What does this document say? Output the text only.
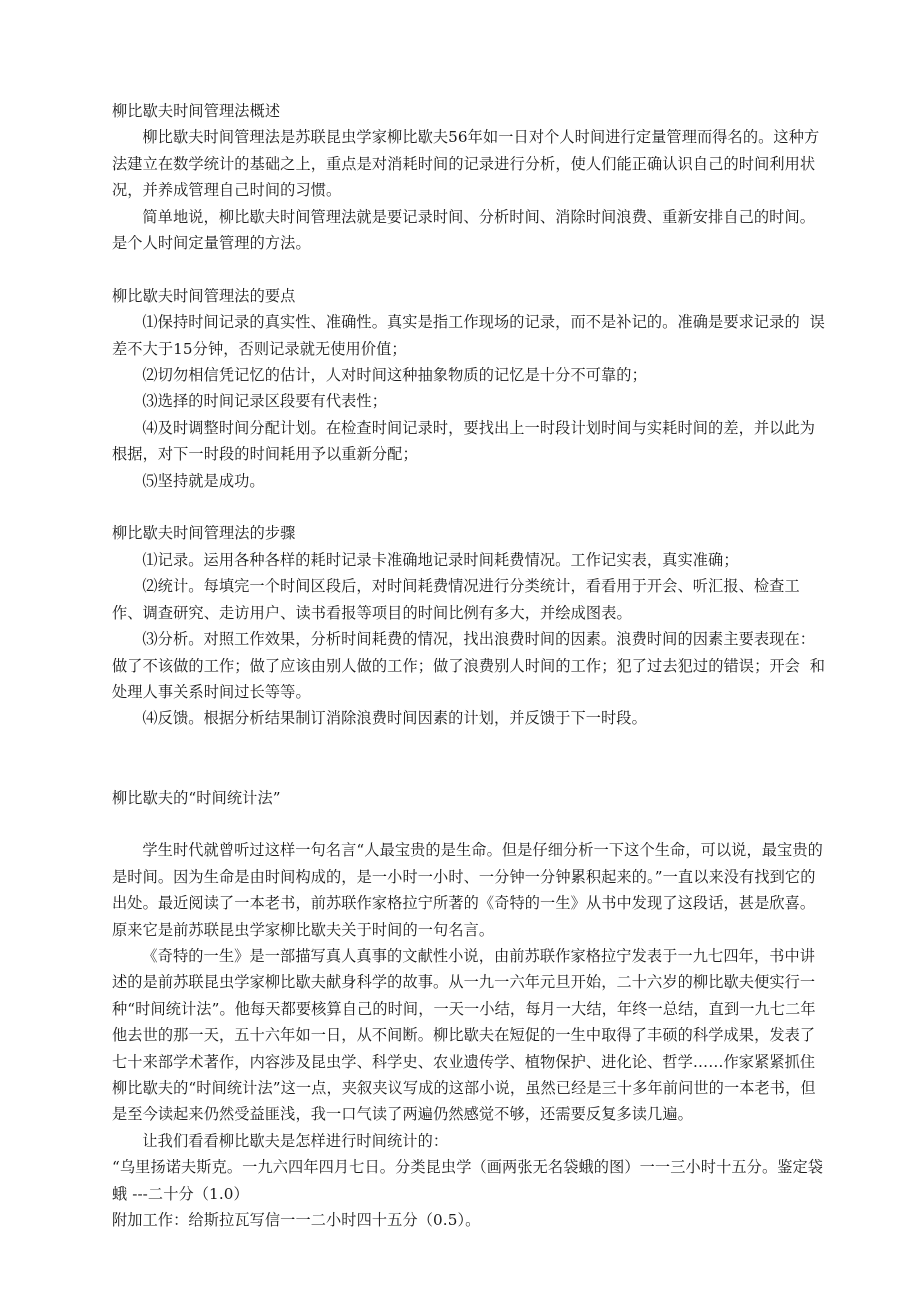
柳比歇夫时间管理法概述

柳比歇夫时间管理法是苏联昆虫学家柳比歇夫56年如一日对个人时间进行定量管理而得名的。这种方法建立在数学统计的基础之上，重点是对消耗时间的记录进行分析，使人们能正确认识自己的时间利用状况，并养成管理自己时间的习惯。

简单地说，柳比歇夫时间管理法就是要记录时间、分析时间、消除时间浪费、重新安排自己的时间。  是个人时间定量管理的方法。

柳比歇夫时间管理法的要点

⑴保持时间记录的真实性、准确性。真实是指工作现场的记录，而不是补记的。准确是要求记录的  误差不大于15分钟，否则记录就无使用价值；

⑵切勿相信凭记忆的估计，人对时间这种抽象物质的记忆是十分不可靠的；

⑶选择的时间记录区段要有代表性；

⑷及时调整时间分配计划。在检查时间记录时，要找出上一时段计划时间与实耗时间的差，并以此为根据，对下一时段的时间耗用予以重新分配；

⑸坚持就是成功。

柳比歇夫时间管理法的步骤

⑴记录。运用各种各样的耗时记录卡准确地记录时间耗费情况。工作记实表，真实准确；

⑵统计。每填完一个时间区段后，对时间耗费情况进行分类统计，看看用于开会、听汇报、检查工作、调查研究、走访用户、读书看报等项目的时间比例有多大，并绘成图表。

⑶分析。对照工作效果，分析时间耗费的情况，找出浪费时间的因素。浪费时间的因素主要表现在：  做了不该做的工作；做了应该由别人做的工作；做了浪费别人时间的工作；犯了过去犯过的错误；开会  和处理人事关系时间过长等等。

⑷反馈。根据分析结果制订消除浪费时间因素的计划，并反馈于下一时段。

柳比歇夫的“时间统计法”

学生时代就曾听过这样一句名言“人最宝贵的是生命。但是仔细分析一下这个生命，可以说，最宝贵的是时间。因为生命是由时间构成的，是一小时一小时、一分钟一分钟累积起来的。”一直以来没有找到它的出处。最近阅读了一本老书，前苏联作家格拉宁所著的《奇特的一生》从书中发现了这段话，甚是欣喜。原来它是前苏联昆虫学家柳比歇夫关于时间的一句名言。

《奇特的一生》是一部描写真人真事的文献性小说，由前苏联作家格拉宁发表于一九七四年，书中讲述的是前苏联昆虫学家柳比歇夫献身科学的故事。从一九一六年元旦开始，二十六岁的柳比歇夫便实行一种“时间统计法”。他每天都要核算自己的时间，一天一小结，每月一大结，年终一总结，直到一九七二年他去世的那一天，五十六年如一日，从不间断。柳比歇夫在短促的一生中取得了丰硕的科学成果，发表了七十来部学术著作，内容涉及昆虫学、科学史、农业遗传学、植物保护、进化论、哲学……作家紧紧抓住柳比歇夫的“时间统计法”这一点，夹叙夹议写成的这部小说，虽然已经是三十多年前问世的一本老书，但是至今读起来仍然受益匪浅，我一口气读了两遍仍然感觉不够，还需要反复多读几遍。

让我们看看柳比歇夫是怎样进行时间统计的：

“乌里扬诺夫斯克。一九六四年四月七日。分类昆虫学（画两张无名袋蛾的图）一一三小时十五分。鉴定袋蛾 ---二十分（1.0）

附加工作：给斯拉瓦写信一一二小时四十五分（0.5）。
